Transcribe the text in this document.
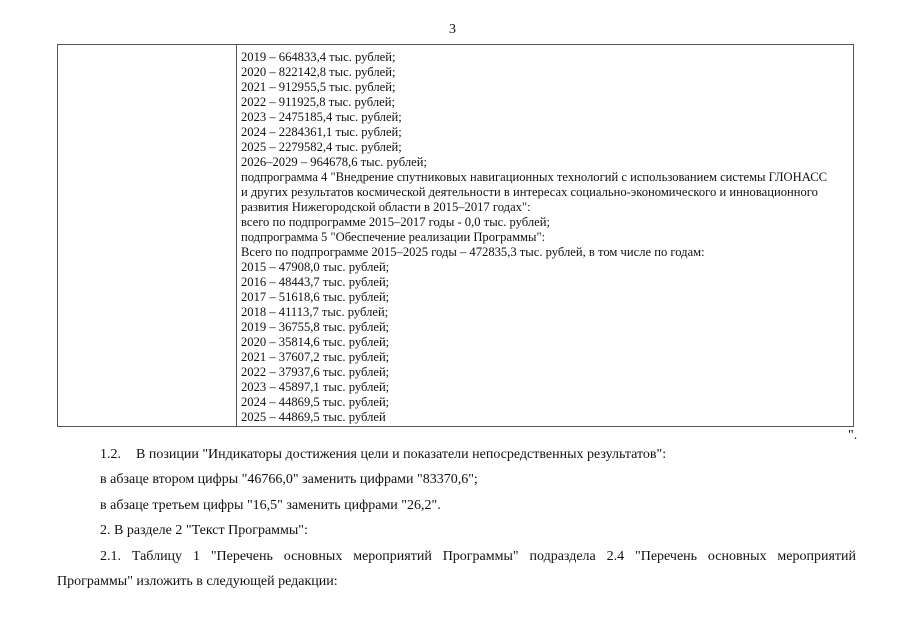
3
2019 – 664833,4 тыс. рублей;
2020 – 822142,8 тыс. рублей;
2021 – 912955,5 тыс. рублей;
2022 – 911925,8 тыс. рублей;
2023 – 2475185,4 тыс. рублей;
2024 – 2284361,1 тыс. рублей;
2025 – 2279582,4 тыс. рублей;
2026–2029 – 964678,6 тыс. рублей;
подпрограмма 4 "Внедрение спутниковых навигационных технологий с использованием системы ГЛОНАСС
и других результатов космической деятельности в интересах социально-экономического и инновационного
развития Нижегородской области в 2015–2017 годах":
всего по подпрограмме 2015–2017 годы - 0,0 тыс. рублей;
подпрограмма 5 "Обеспечение реализации Программы":
Всего по подпрограмме 2015–2025 годы – 472835,3 тыс. рублей, в том числе по годам:
2015 – 47908,0 тыс. рублей;
2016 – 48443,7 тыс. рублей;
2017 – 51618,6 тыс. рублей;
2018 – 41113,7 тыс. рублей;
2019 – 36755,8 тыс. рублей;
2020 – 35814,6 тыс. рублей;
2021 – 37607,2 тыс. рублей;
2022 – 37937,6 тыс. рублей;
2023 – 45897,1 тыс. рублей;
2024 – 44869,5 тыс. рублей;
2025 – 44869,5 тыс. рублей
".
1.2. В позиции "Индикаторы достижения цели и показатели непосредственных результатов":
в абзаце втором цифры "46766,0" заменить цифрами "83370,6";
в абзаце третьем цифры "16,5" заменить цифрами "26,2".
2. В разделе 2 "Текст Программы":
2.1. Таблицу 1 "Перечень основных мероприятий Программы" подраздела 2.4 "Перечень основных мероприятий
Программы" изложить в следующей редакции:
